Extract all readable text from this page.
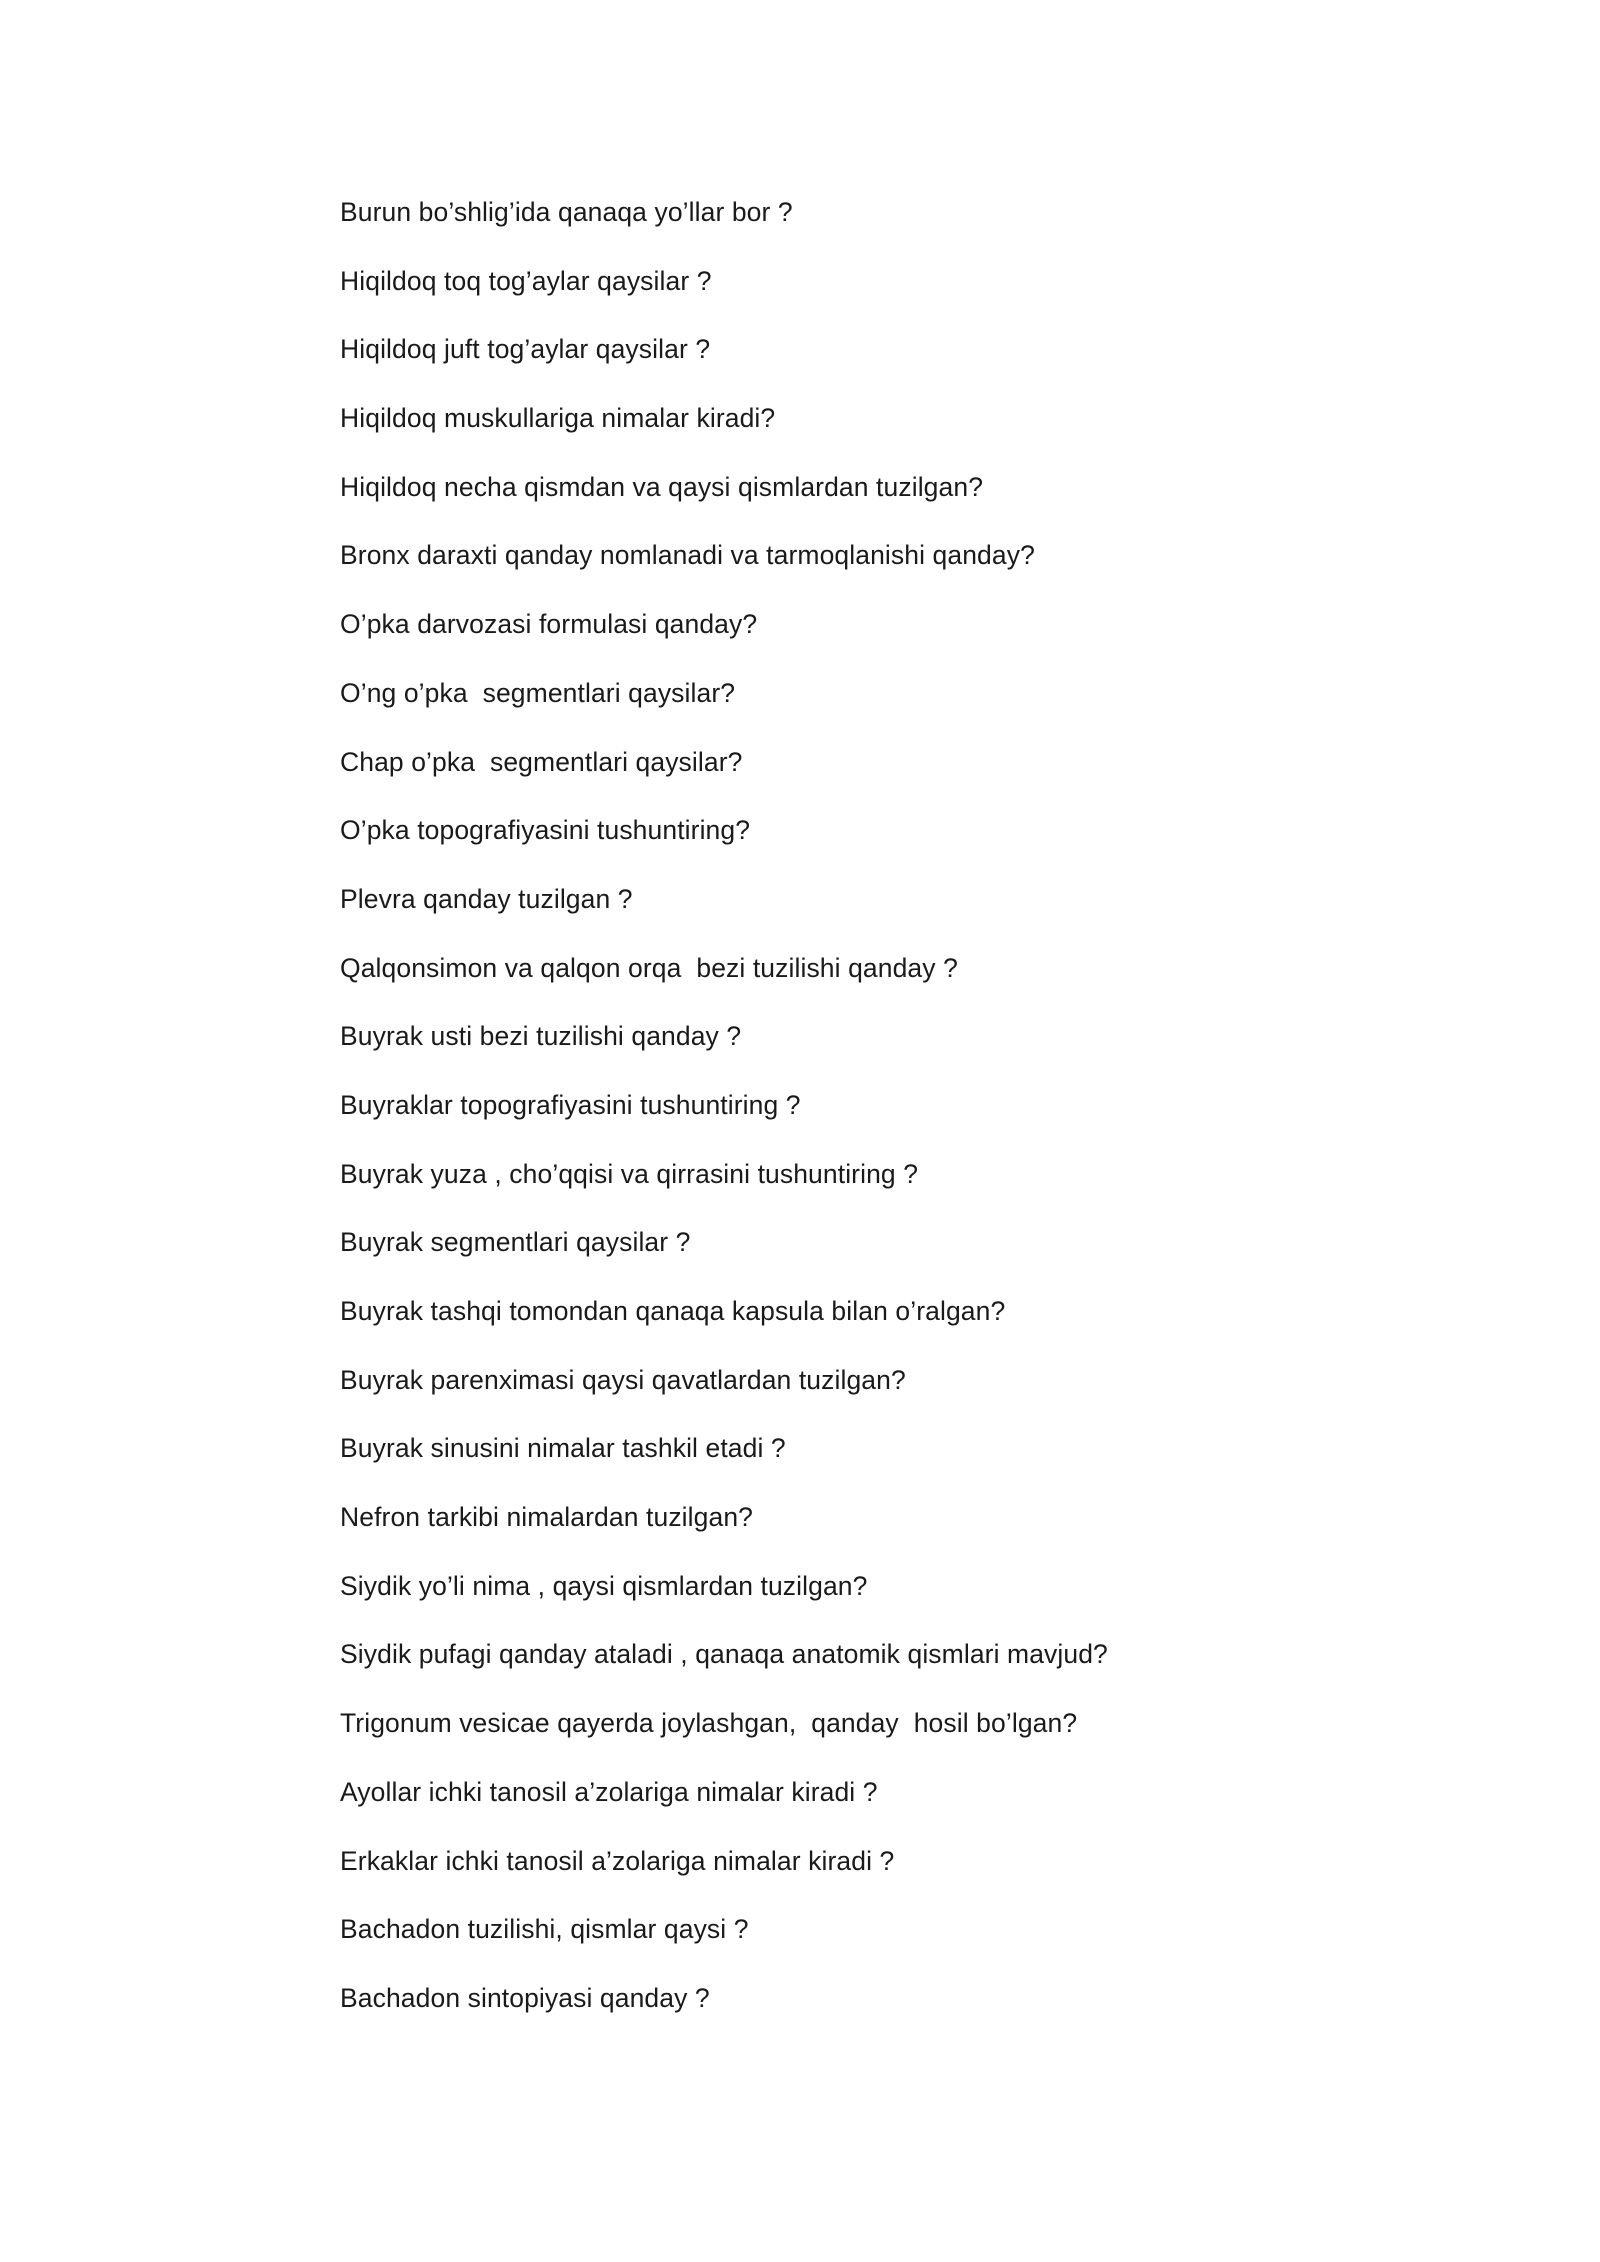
Burun bo’shlig’ida qanaqa yo’llar bor ?
Hiqildoq toq tog’aylar qaysilar ?
Hiqildoq juft tog’aylar qaysilar ?
Hiqildoq muskullariga nimalar kiradi?
Hiqildoq necha qismdan va qaysi qismlardan tuzilgan?
Bronx daraxti qanday nomlanadi va tarmoqlanishi qanday?
O’pka darvozasi formulasi qanday?
O’ng o’pka  segmentlari qaysilar?
Chap o’pka  segmentlari qaysilar?
O’pka topografiyasini tushuntiring?
Plevra qanday tuzilgan ?
Qalqonsimon va qalqon orqa  bezi tuzilishi qanday ?
Buyrak usti bezi tuzilishi qanday ?
Buyraklar topografiyasini tushuntiring ?
Buyrak yuza , cho’qqisi va qirrasini tushuntiring ?
Buyrak segmentlari qaysilar ?
Buyrak tashqi tomondan qanaqa kapsula bilan o’ralgan?
Buyrak parenximasi qaysi qavatlardan tuzilgan?
Buyrak sinusini nimalar tashkil etadi ?
Nefron tarkibi nimalardan tuzilgan?
Siydik yo’li nima , qaysi qismlardan tuzilgan?
Siydik pufagi qanday ataladi , qanaqa anatomik qismlari mavjud?
Trigonum vesicae qayerda joylashgan,  qanday  hosil bo’lgan?
Ayollar ichki tanosil a’zolariga nimalar kiradi ?
Erkaklar ichki tanosil a’zolariga nimalar kiradi ?
Bachadon tuzilishi, qismlar qaysi ?
Bachadon sintopiyasi qanday ?
